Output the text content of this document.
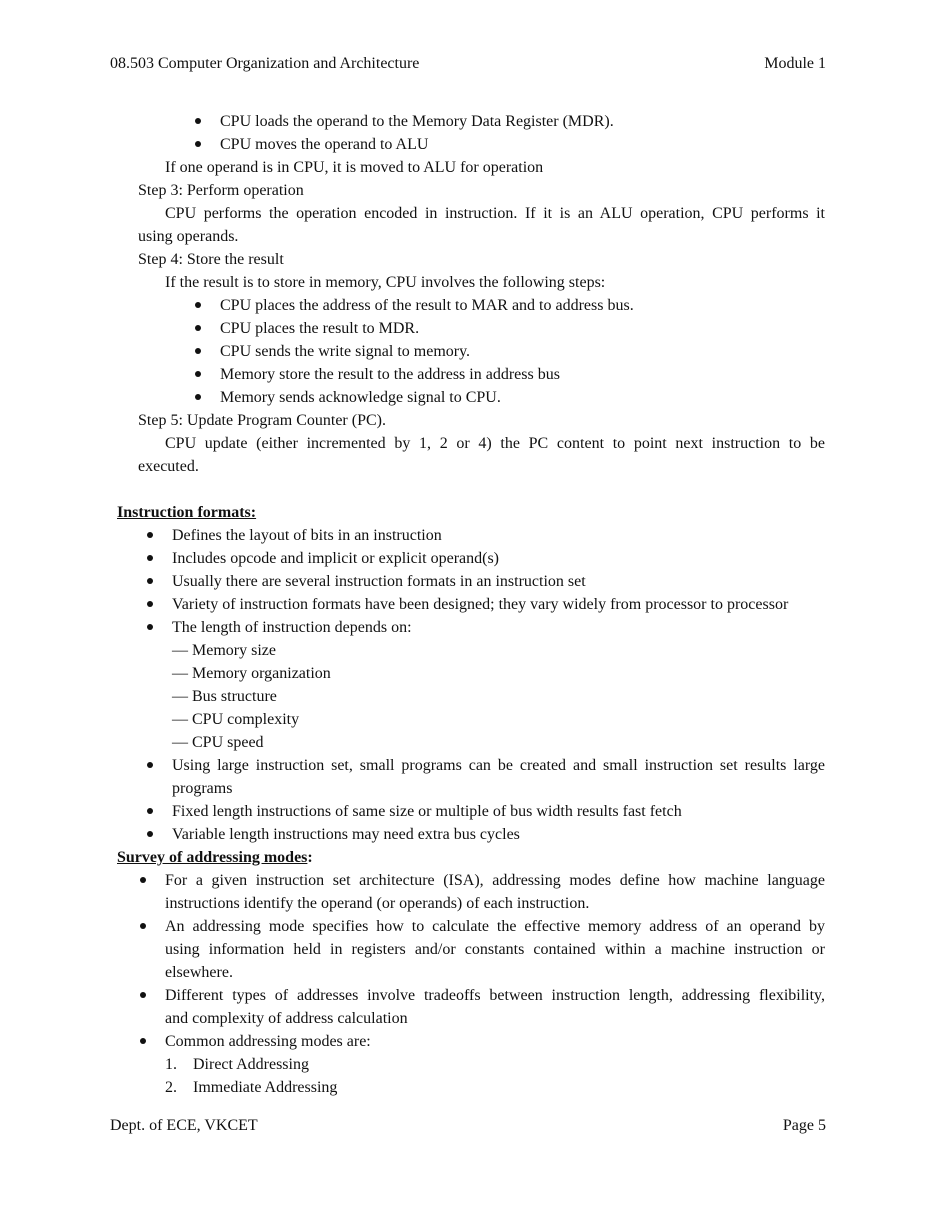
08.503 Computer Organization and Architecture	Module 1
CPU loads the operand to the Memory Data Register (MDR).
CPU moves the operand to ALU
If one operand is in CPU, it is moved to ALU for operation
Step 3: Perform operation
CPU performs the operation encoded in instruction. If it is an ALU operation, CPU performs it
using operands.
Step 4: Store the result
If the result is to store in memory, CPU involves the following steps:
CPU places the address of the result to MAR and to address bus.
CPU places the result to MDR.
CPU sends the write signal to memory.
Memory store the result to the address in address bus
Memory sends acknowledge signal to CPU.
Step 5: Update Program Counter (PC).
CPU update (either incremented by 1, 2 or 4) the PC content to point next instruction to be
executed.
Instruction formats:
Defines the layout of bits in an instruction
Includes opcode and implicit or explicit operand(s)
Usually there are several instruction formats in an instruction set
Variety of instruction formats have been designed; they vary widely from processor to processor
The length of instruction depends on:
— Memory size
— Memory organization
— Bus structure
— CPU complexity
— CPU speed
Using large instruction set, small programs can be created and small instruction set results large
programs
Fixed length instructions of same size or multiple of bus width results fast fetch
Variable length instructions may need extra bus cycles
Survey of addressing modes:
For a given instruction set architecture (ISA), addressing modes define how machine language
instructions identify the operand (or operands) of each instruction.
An addressing mode specifies how to calculate the effective memory address of an operand by
using information held in registers and/or constants contained within a machine instruction or
elsewhere.
Different types of addresses involve tradeoffs between instruction length, addressing flexibility,
and complexity of address calculation
Common addressing modes are:
1. Direct Addressing
2. Immediate Addressing
Dept. of ECE, VKCET	Page 5
